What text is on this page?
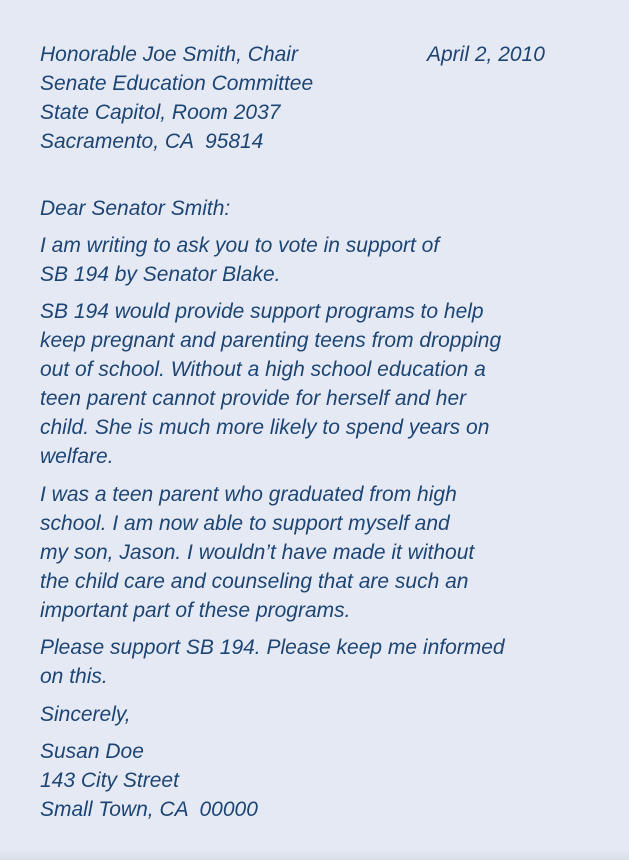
Honorable Joe Smith, Chair

Senate Education Committee

State Capitol, Room 2037

Sacramento, CA  95814

April 2, 2010

Dear Senator Smith:

I am writing to ask you to vote in support of

SB 194 by Senator Blake.

SB 194 would provide support programs to help

keep pregnant and parenting teens from dropping

out of school. Without a high school education a

teen parent cannot provide for herself and her

child. She is much more likely to spend years on

welfare.

I was a teen parent who graduated from high

school. I am now able to support myself and

my son, Jason. I wouldn’t have made it without

the child care and counseling that are such an

important part of these programs.

Please support SB 194. Please keep me informed

on this.

Sincerely,

Susan Doe

143 City Street

Small Town, CA  00000
